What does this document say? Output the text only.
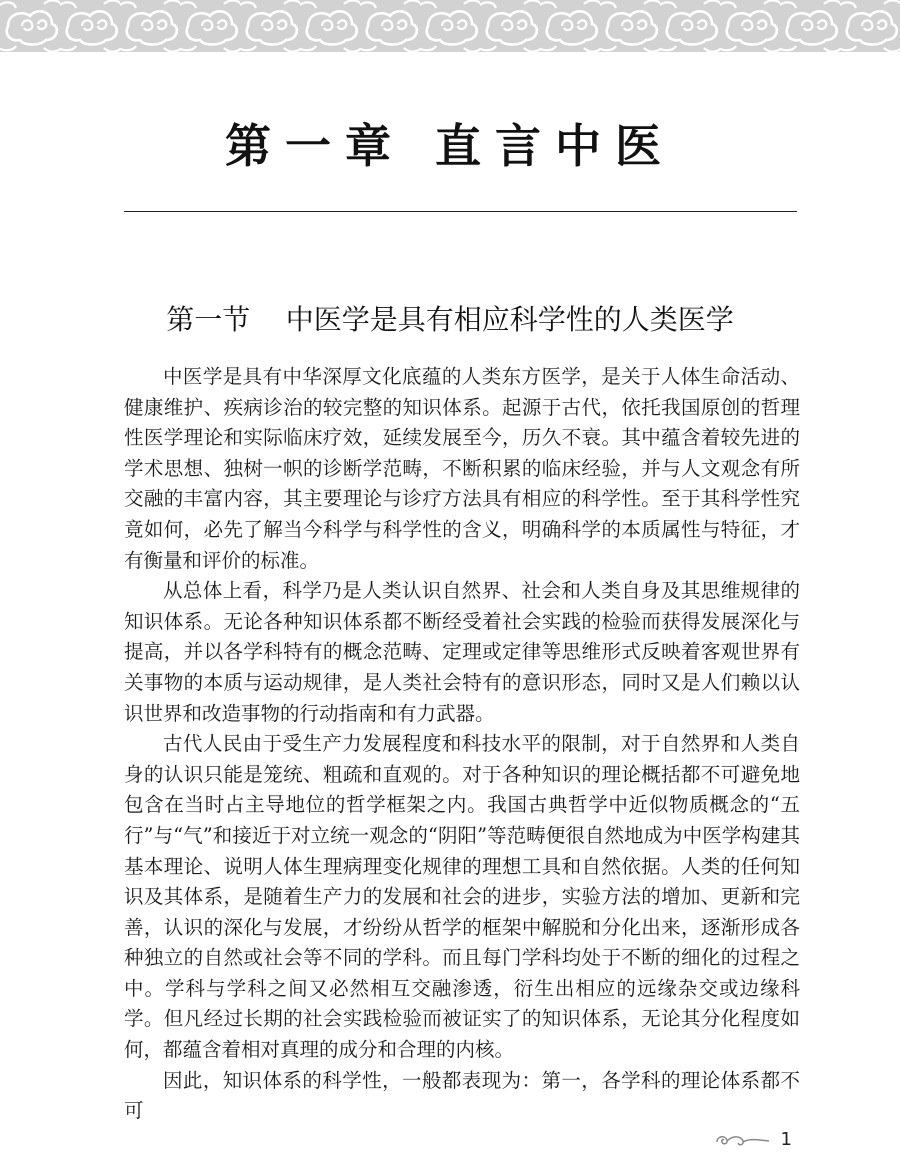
第一章 直言中医
第一节    中医学是具有相应科学性的人类医学

中医学是具有中华深厚文化底蕴的人类东方医学，是关于人体生命活动、健康维护、疾病诊治的较完整的知识体系。起源于古代，依托我国原创的哲理性医学理论和实际临床疗效，延续发展至今，历久不衰。其中蕴含着较先进的学术思想、独树一帜的诊断学范畴，不断积累的临床经验，并与人文观念有所交融的丰富内容，其主要理论与诊疗方法具有相应的科学性。至于其科学性究竟如何，必先了解当今科学与科学性的含义，明确科学的本质属性与特征，才有衡量和评价的标准。

从总体上看，科学乃是人类认识自然界、社会和人类自身及其思维规律的知识体系。无论各种知识体系都不断经受着社会实践的检验而获得发展深化与提高，并以各学科特有的概念范畴、定理或定律等思维形式反映着客观世界有关事物的本质与运动规律，是人类社会特有的意识形态，同时又是人们赖以认识世界和改造事物的行动指南和有力武器。

古代人民由于受生产力发展程度和科技水平的限制，对于自然界和人类自身的认识只能是笼统、粗疏和直观的。对于各种知识的理论概括都不可避免地包含在当时占主导地位的哲学框架之内。我国古典哲学中近似物质概念的“五行”与“气”和接近于对立统一观念的“阴阳”等范畴便很自然地成为中医学构建其基本理论、说明人体生理病理变化规律的理想工具和自然依据。人类的任何知识及其体系，是随着生产力的发展和社会的进步，实验方法的增加、更新和完善，认识的深化与发展，才纷纷从哲学的框架中解脱和分化出来，逐渐形成各种独立的自然或社会等不同的学科。而且每门学科均处于不断的细化的过程之中。学科与学科之间又必然相互交融渗透，衍生出相应的远缘杂交或边缘科学。但凡经过长期的社会实践检验而被证实了的知识体系，无论其分化程度如何，都蕴含着相对真理的成分和合理的内核。

因此，知识体系的科学性，一般都表现为：第一，各学科的理论体系都不可

1
